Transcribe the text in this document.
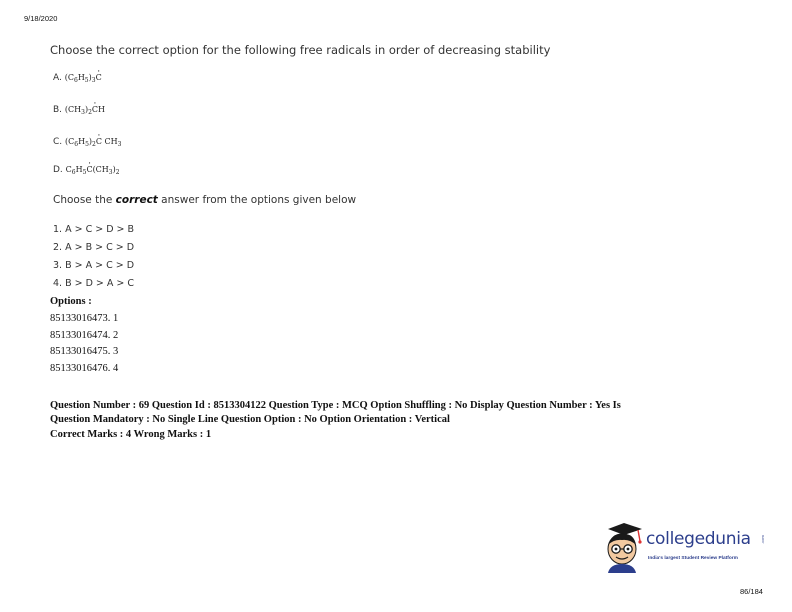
9/18/2020
Choose the correct option for the following free radicals in order of decreasing stability
A. $(C_6H_5)_3\cdot C$
B. $(CH_3)_2\cdot$ CH
C. $(C_6H_5)_2\cdot C$ $CH_3$
D. $C_6H_5\cdot C(CH_3)_2$
Choose the correct answer from the options given below
1. A > C > D > B
2. A > B > C > D
3. B > A > C > D
4. B > D > A > C
Options :
85133016473. 1
85133016474. 2
85133016475. 3
85133016476. 4
Question Number : 69 Question Id : 8513304122 Question Type : MCQ Option Shuffling : No Display Question Number : Yes Is
Question Mandatory : No Single Line Question Option : No Option Orientation : Vertical
Correct Marks : 4 Wrong Marks : 1
collegedunia .com
India's largest Student Review Platform
86/184
